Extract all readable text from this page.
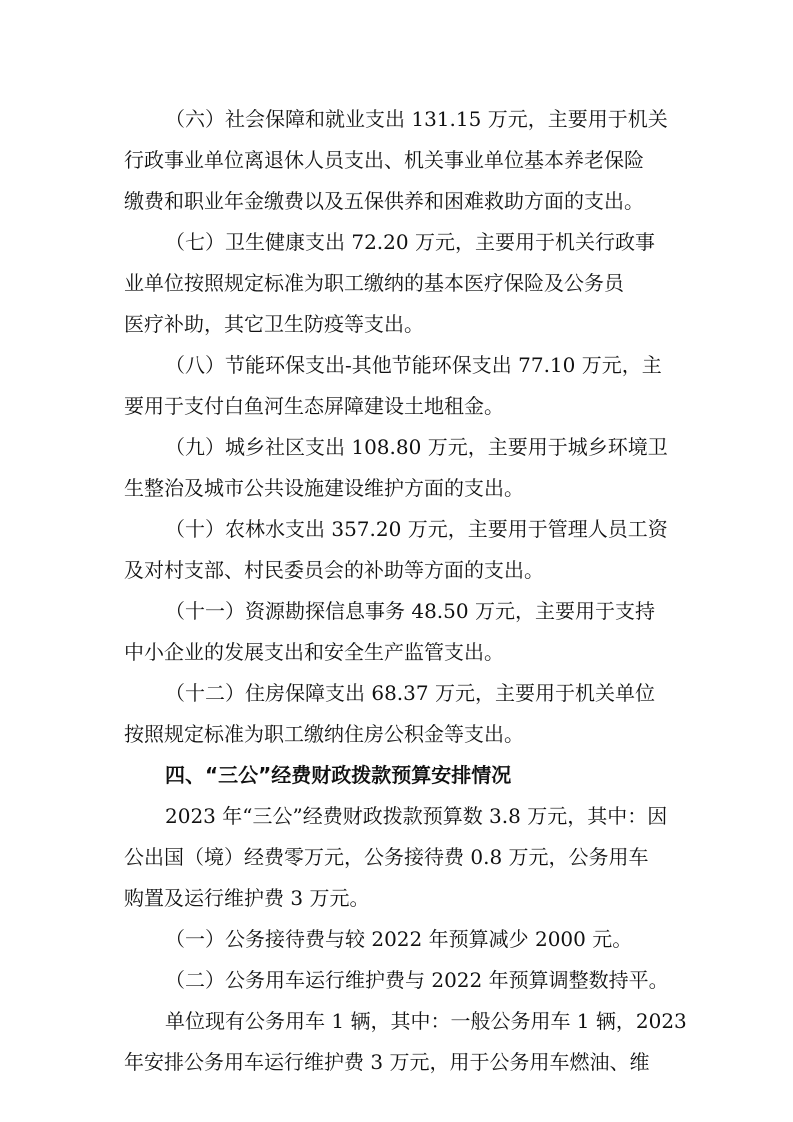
（六）社会保障和就业支出 131.15 万元，主要用于机关
行政事业单位离退休人员支出、机关事业单位基本养老保险
缴费和职业年金缴费以及五保供养和困难救助方面的支出。
（七）卫生健康支出 72.20 万元，主要用于机关行政事
业单位按照规定标准为职工缴纳的基本医疗保险及公务员
医疗补助，其它卫生防疫等支出。
（八）节能环保支出-其他节能环保支出 77.10 万元，主
要用于支付白鱼河生态屏障建设土地租金。
（九）城乡社区支出 108.80 万元，主要用于城乡环境卫
生整治及城市公共设施建设维护方面的支出。
（十）农林水支出 357.20 万元，主要用于管理人员工资
及对村支部、村民委员会的补助等方面的支出。
（十一）资源勘探信息事务 48.50 万元，主要用于支持
中小企业的发展支出和安全生产监管支出。
（十二）住房保障支出 68.37 万元，主要用于机关单位
按照规定标准为职工缴纳住房公积金等支出。
四、“三公”经费财政拨款预算安排情况
2023 年“三公”经费财政拨款预算数 3.8 万元，其中：因
公出国（境）经费零万元，公务接待费 0.8 万元，公务用车
购置及运行维护费 3 万元。
（一）公务接待费与较 2022 年预算减少 2000 元。
（二）公务用车运行维护费与 2022 年预算调整数持平。
单位现有公务用车 1 辆，其中：一般公务用车 1 辆，2023
年安排公务用车运行维护费 3 万元，用于公务用车燃油、维
